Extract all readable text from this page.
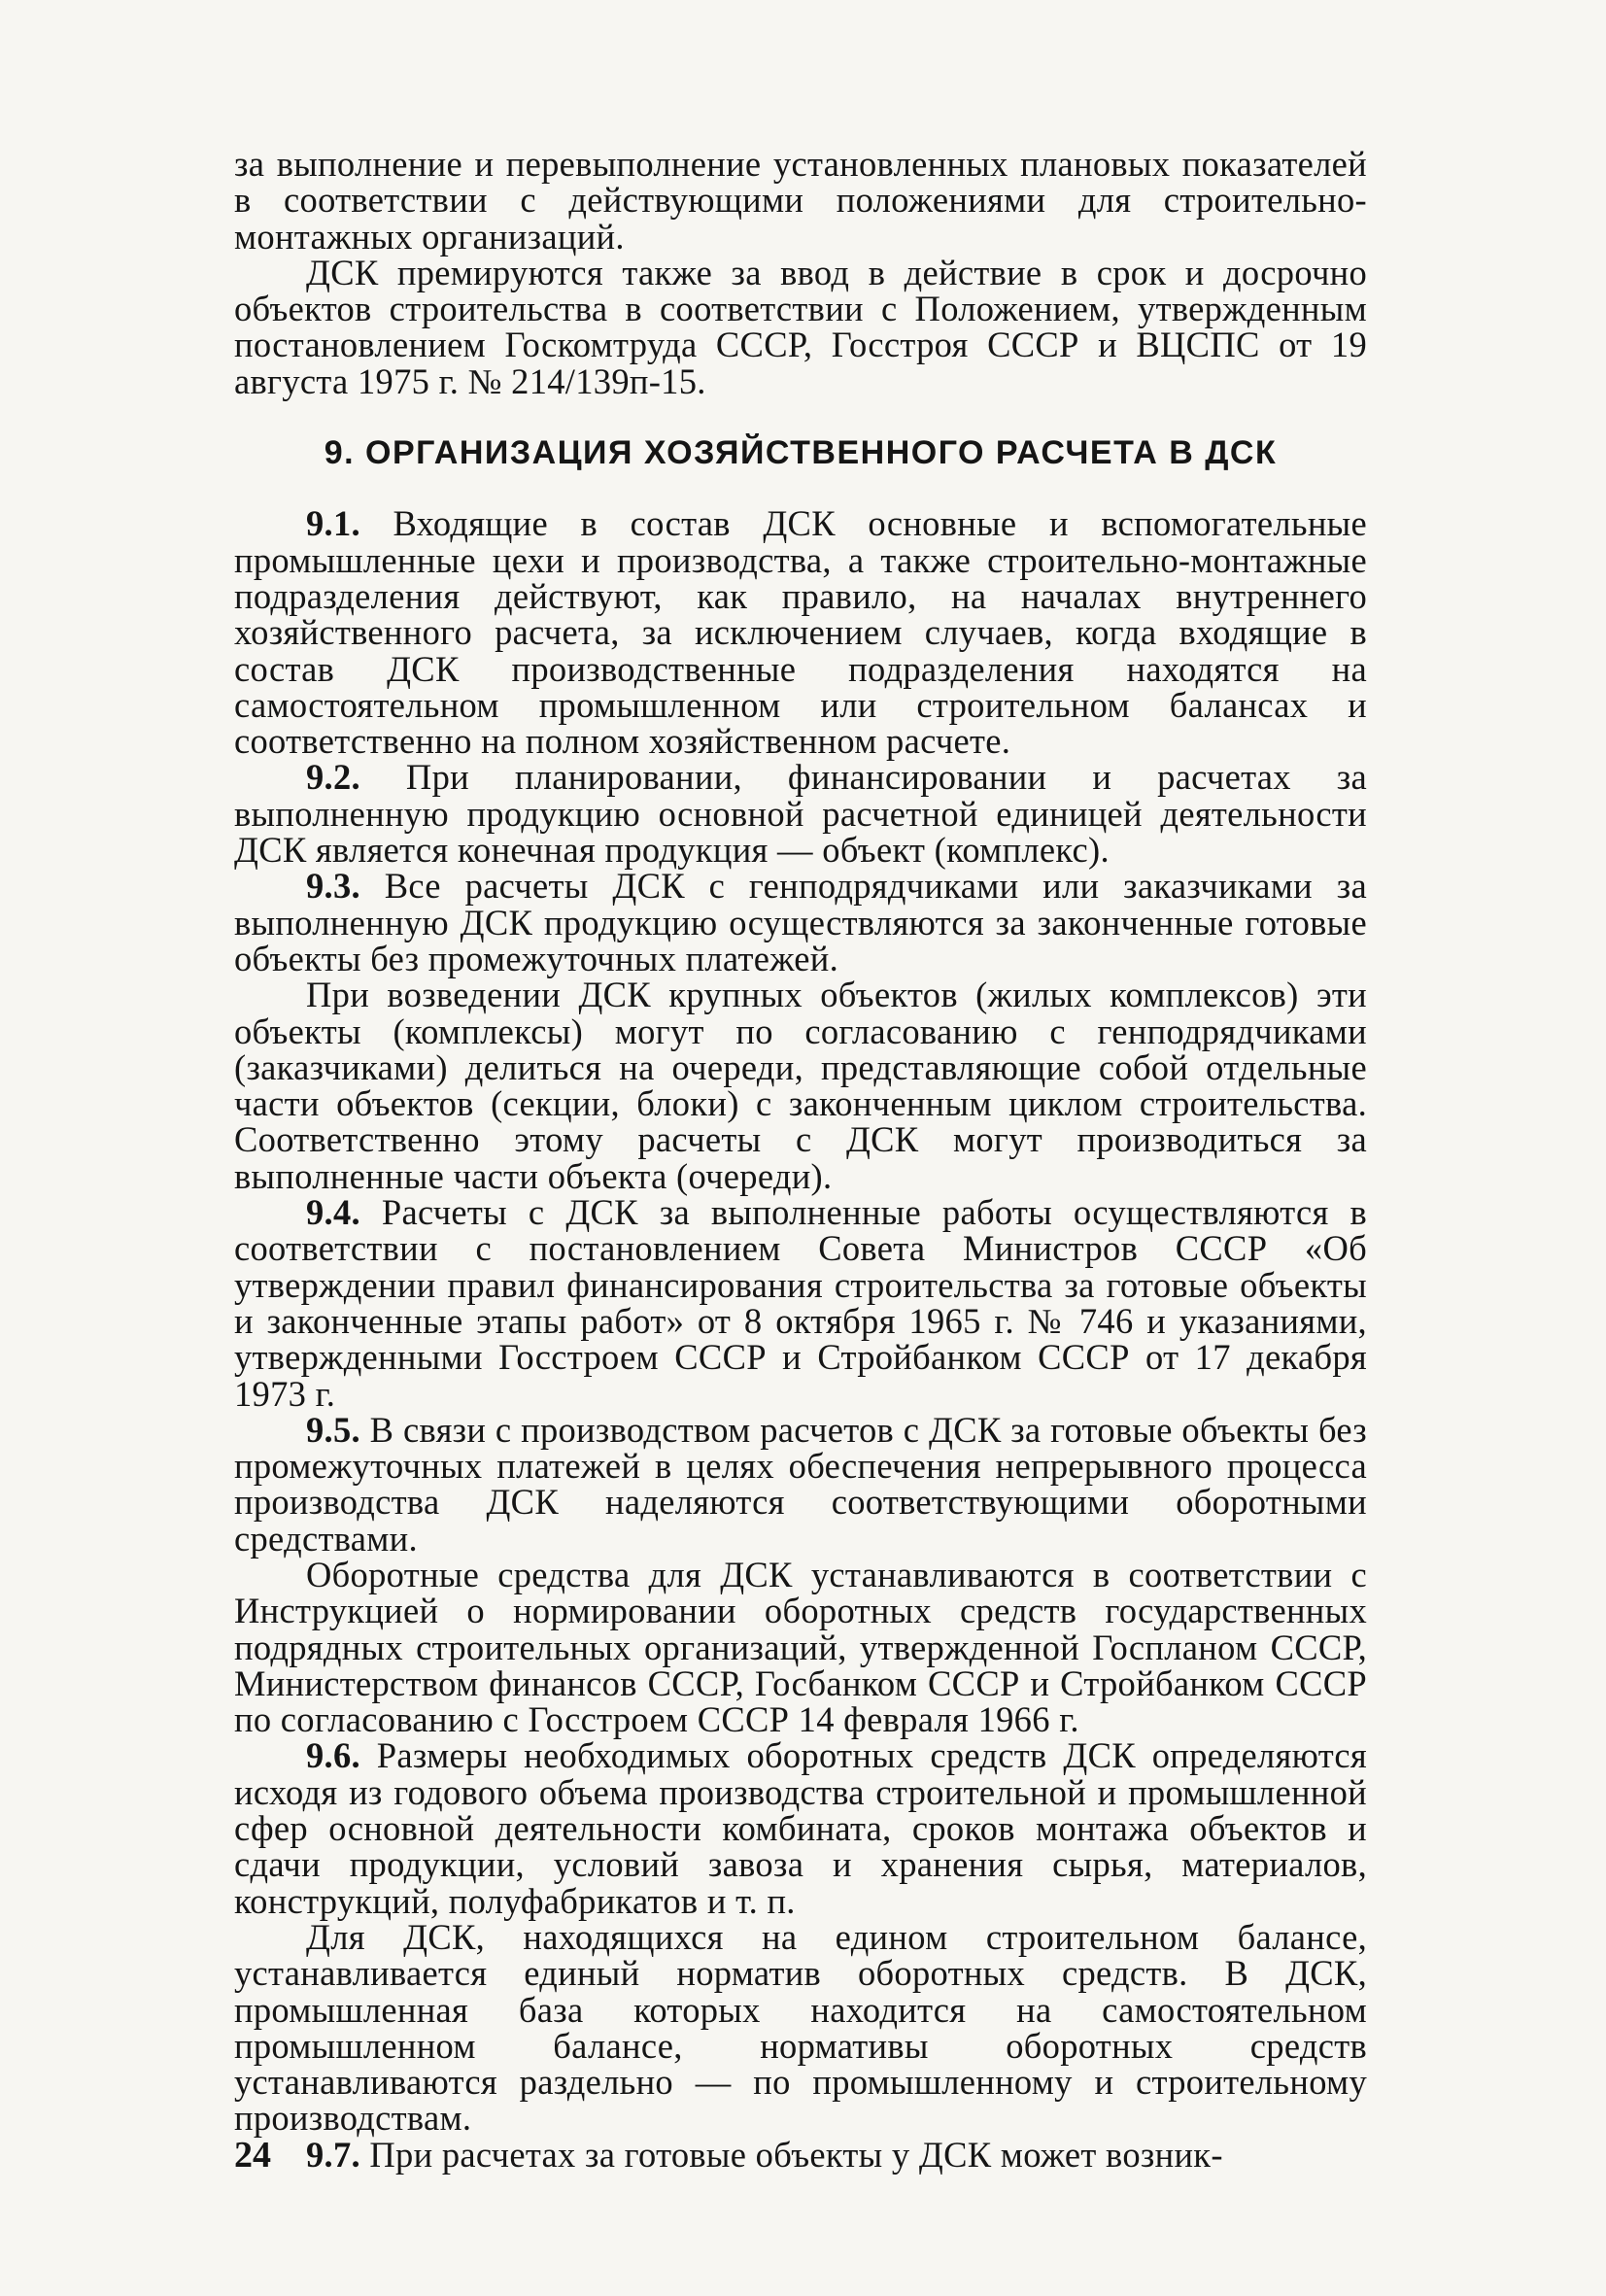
за выполнение и перевыполнение установленных плановых показателей в соответствии с действующими положениями для строительно-монтажных организаций.

ДСК премируются также за ввод в действие в срок и досрочно объектов строительства в соответствии с Положением, утвержденным постановлением Госкомтруда СССР, Госстроя СССР и ВЦСПС от 19 августа 1975 г. № 214/139п-15.

9. ОРГАНИЗАЦИЯ ХОЗЯЙСТВЕННОГО РАСЧЕТА В ДСК

9.1. Входящие в состав ДСК основные и вспомогательные промышленные цехи и производства, а также строительно-монтажные подразделения действуют, как правило, на началах внутреннего хозяйственного расчета, за исключением случаев, когда входящие в состав ДСК производственные подразделения находятся на самостоятельном промышленном или строительном балансах и соответственно на полном хозяйственном расчете.

9.2. При планировании, финансировании и расчетах за выполненную продукцию основной расчетной единицей деятельности ДСК является конечная продукция — объект (комплекс).

9.3. Все расчеты ДСК с генподрядчиками или заказчиками за выполненную ДСК продукцию осуществляются за законченные готовые объекты без промежуточных платежей.

При возведении ДСК крупных объектов (жилых комплексов) эти объекты (комплексы) могут по согласованию с генподрядчиками (заказчиками) делиться на очереди, представляющие собой отдельные части объектов (секции, блоки) с законченным циклом строительства. Соответственно этому расчеты с ДСК могут производиться за выполненные части объекта (очереди).

9.4. Расчеты с ДСК за выполненные работы осуществляются в соответствии с постановлением Совета Министров СССР «Об утверждении правил финансирования строительства за готовые объекты и законченные этапы работ» от 8 октября 1965 г. № 746 и указаниями, утвержденными Госстроем СССР и Стройбанком СССР от 17 декабря 1973 г.

9.5. В связи с производством расчетов с ДСК за готовые объекты без промежуточных платежей в целях обеспечения непрерывного процесса производства ДСК наделяются соответствующими оборотными средствами.

Оборотные средства для ДСК устанавливаются в соответствии с Инструкцией о нормировании оборотных средств государственных подрядных строительных организаций, утвержденной Госпланом СССР, Министерством финансов СССР, Госбанком СССР и Стройбанком СССР по согласованию с Госстроем СССР 14 февраля 1966 г.

9.6. Размеры необходимых оборотных средств ДСК определяются исходя из годового объема производства строительной и промышленной сфер основной деятельности комбината, сроков монтажа объектов и сдачи продукции, условий завоза и хранения сырья, материалов, конструкций, полуфабрикатов и т. п.

Для ДСК, находящихся на едином строительном балансе, устанавливается единый норматив оборотных средств. В ДСК, промышленная база которых находится на самостоятельном промышленном балансе, нормативы оборотных средств устанавливаются раздельно — по промышленному и строительному производствам.

9.7. При расчетах за готовые объекты у ДСК может возник-

24
